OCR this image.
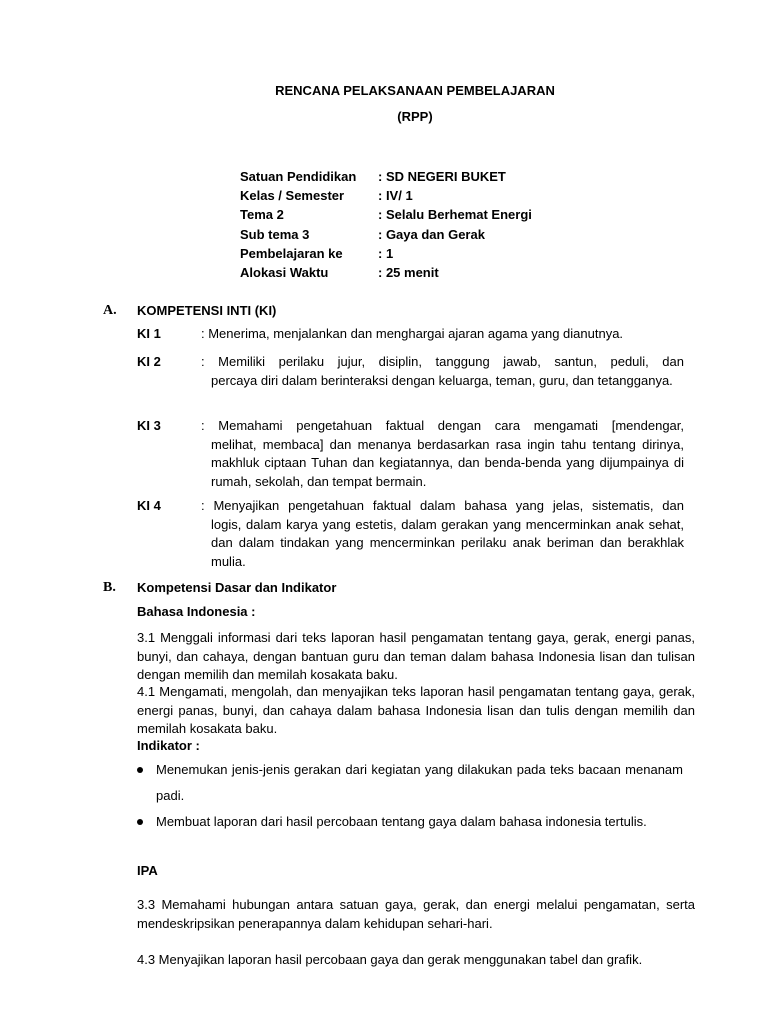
RENCANA PELAKSANAAN PEMBELAJARAN
(RPP)
Satuan Pendidikan	: SD NEGERI BUKET
Kelas / Semester	: IV/ 1
Tema 2	: Selalu Berhemat Energi
Sub tema 3	: Gaya dan Gerak
Pembelajaran ke	: 1
Alokasi Waktu	: 25 menit
A. KOMPETENSI INTI (KI)
KI 1	: Menerima, menjalankan dan menghargai ajaran agama yang dianutnya.

KI 2	: Memiliki perilaku jujur, disiplin, tanggung jawab, santun, peduli, dan

percaya diri dalam berinteraksi dengan keluarga, teman, guru, dan tetangganya.

KI 3	: Memahami pengetahuan faktual dengan cara mengamati [mendengar,

melihat, membaca] dan menanya berdasarkan rasa ingin tahu tentang dirinya, makhluk ciptaan Tuhan dan kegiatannya, dan benda-benda yang dijumpainya di rumah, sekolah, dan tempat bermain.

KI 4	: Menyajikan pengetahuan faktual dalam bahasa yang jelas, sistematis, dan

logis, dalam karya yang estetis, dalam gerakan yang mencerminkan anak sehat, dan dalam tindakan yang mencerminkan perilaku anak beriman dan berakhlak mulia.

B. Kompetensi Dasar dan Indikator
Bahasa Indonesia :

3.1 Menggali informasi dari teks laporan hasil pengamatan tentang gaya, gerak, energi panas, bunyi, dan cahaya, dengan bantuan guru dan teman dalam bahasa Indonesia lisan dan tulisan dengan memilih dan memilah kosakata baku.

4.1 Mengamati, mengolah, dan menyajikan teks laporan hasil pengamatan tentang gaya, gerak, energi panas, bunyi, dan cahaya dalam bahasa Indonesia lisan dan tulis dengan memilih dan memilah kosakata baku.

Indikator :
Menemukan jenis-jenis gerakan dari kegiatan yang dilakukan pada teks bacaan menanam padi.
Membuat laporan dari hasil percobaan tentang gaya dalam bahasa indonesia tertulis.
IPA

3.3 Memahami hubungan antara satuan gaya, gerak, dan energi melalui pengamatan, serta mendeskripsikan penerapannya dalam kehidupan sehari-hari.

4.3 Menyajikan laporan hasil percobaan gaya dan gerak menggunakan tabel dan grafik.
